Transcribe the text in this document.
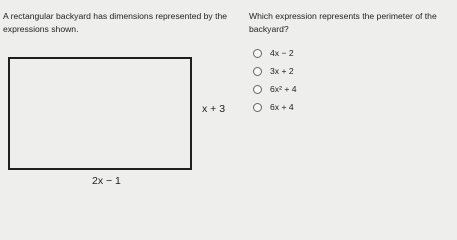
A rectangular backyard has dimensions represented by the expressions shown.
x + 3
2x − 1
Which expression represents the perimeter of the backyard?
4x − 2
3x + 2
6x² + 4
6x + 4
